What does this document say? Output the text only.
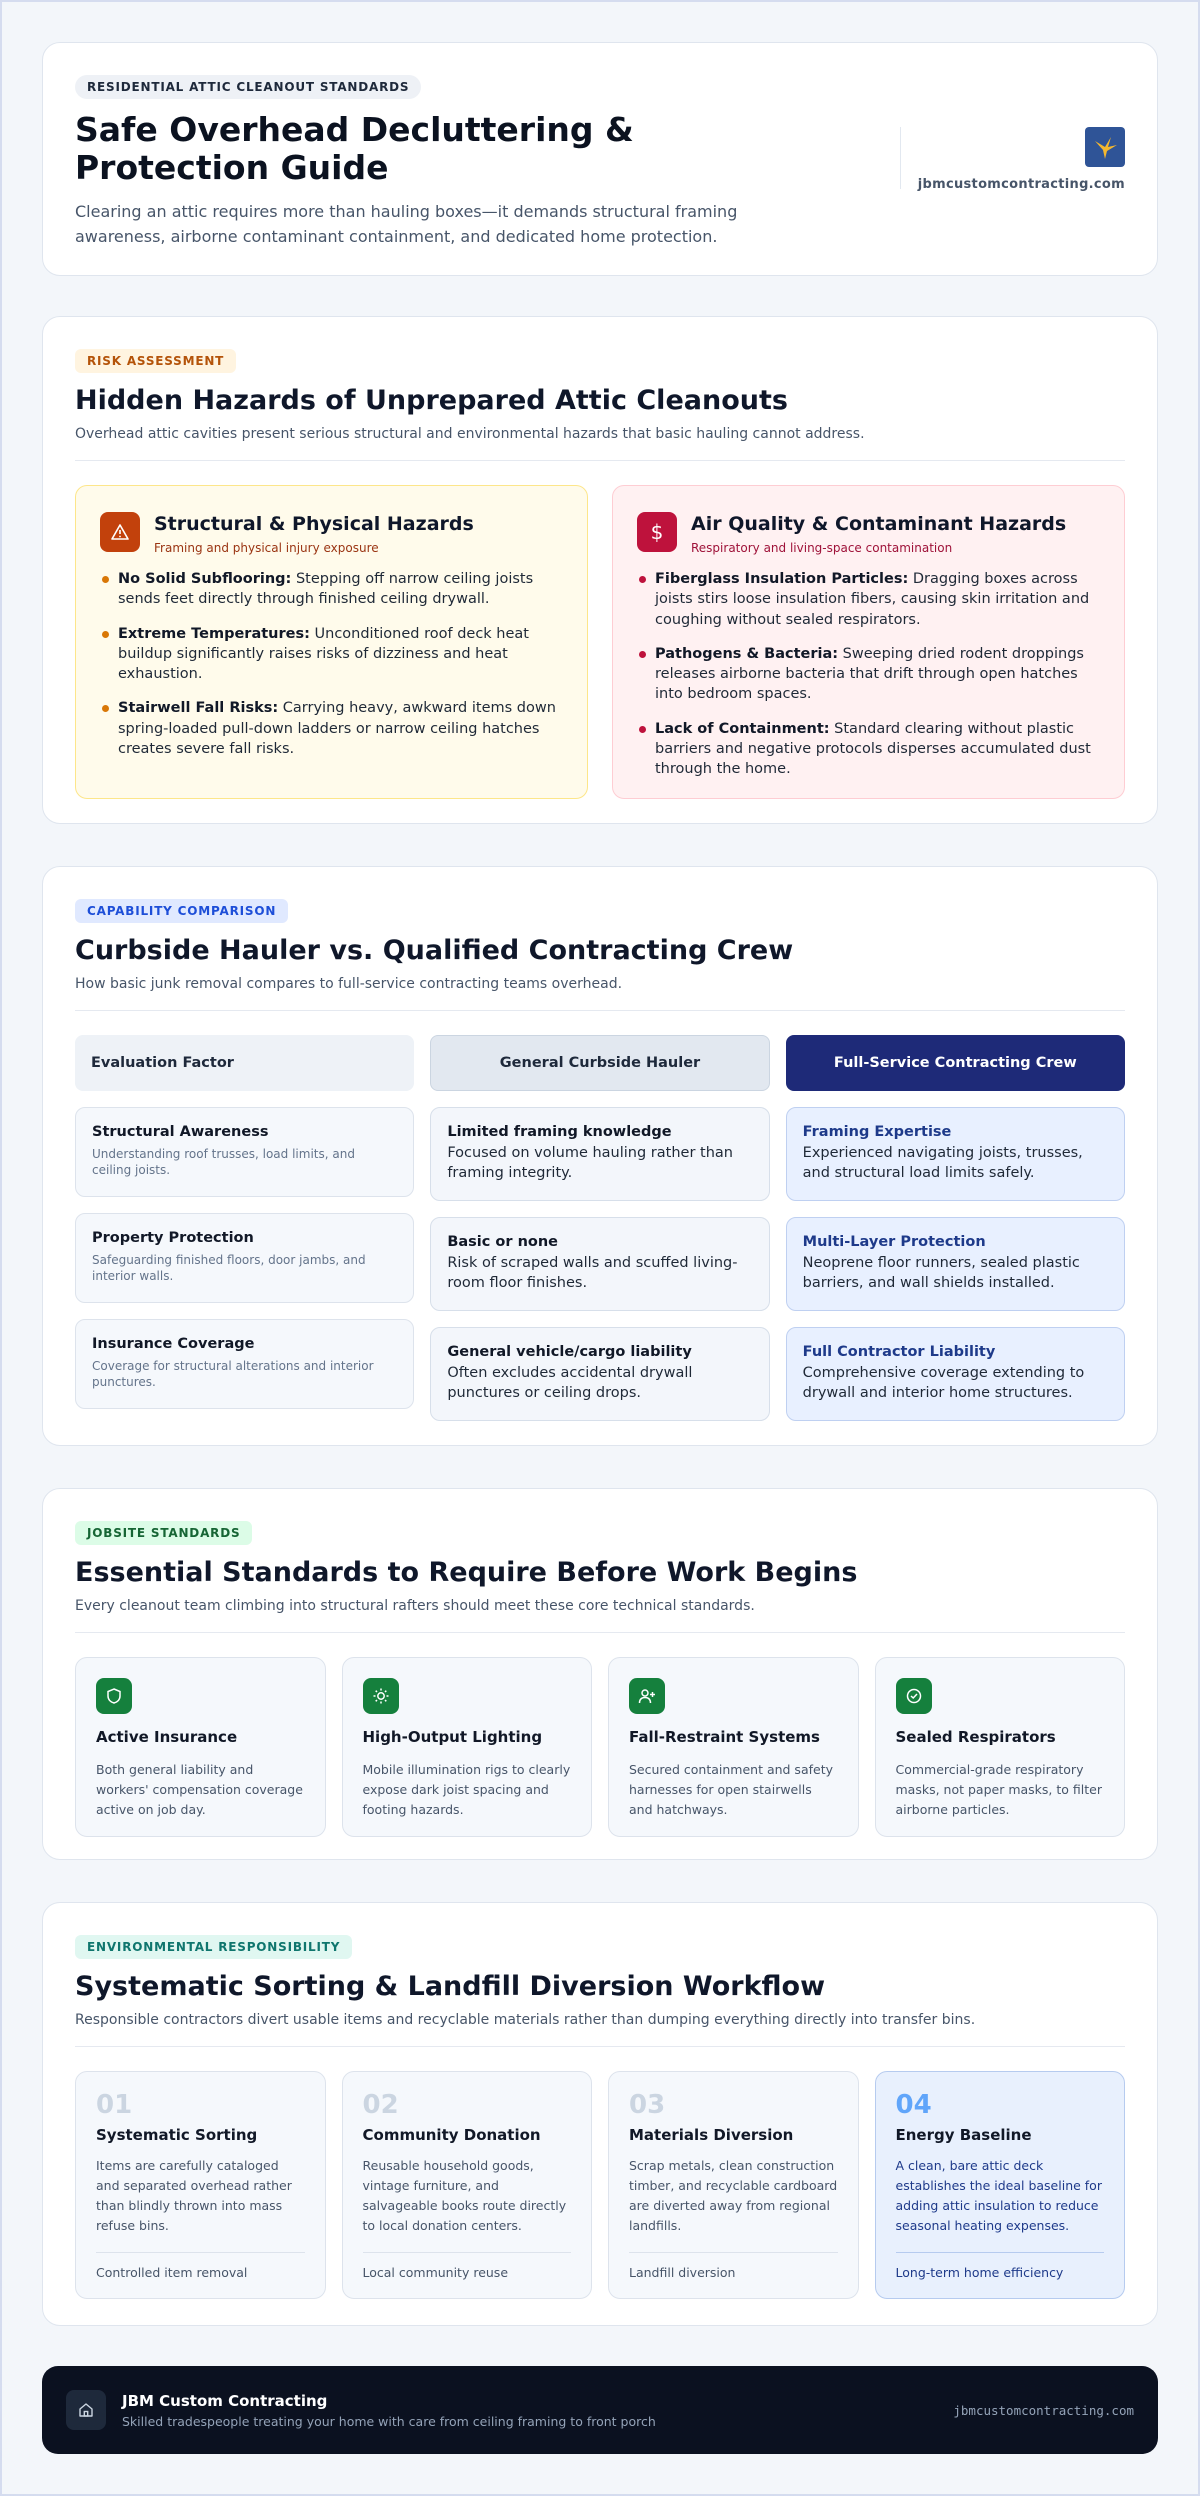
RESIDENTIAL ATTIC CLEANOUT STANDARDS
Safe Overhead Decluttering & Protection Guide

Clearing an attic requires more than hauling boxes—it demands structural framing awareness, airborne contaminant containment, and dedicated home protection.

jbmcustomcontracting.com
RISK ASSESSMENT
Hidden Hazards of Unprepared Attic Cleanouts
Overhead attic cavities present serious structural and environmental hazards that basic hauling cannot address.
Structural & Physical Hazards
Framing and physical injury exposure
No Solid Subflooring: Stepping off narrow ceiling joists sends feet directly through finished ceiling drywall.
Extreme Temperatures: Unconditioned roof deck heat buildup significantly raises risks of dizziness and heat exhaustion.
Stairwell Fall Risks: Carrying heavy, awkward items down spring-loaded pull-down ladders or narrow ceiling hatches creates severe fall risks.
$	Air Quality & Contaminant Hazards
Respiratory and living-space contamination
Fiberglass Insulation Particles: Dragging boxes across joists stirs loose insulation fibers, causing skin irritation and coughing without sealed respirators.
Pathogens & Bacteria: Sweeping dried rodent droppings releases airborne bacteria that drift through open hatches into bedroom spaces.
Lack of Containment: Standard clearing without plastic barriers and negative protocols disperses accumulated dust through the home.
CAPABILITY COMPARISON
Curbside Hauler vs. Qualified Contracting Crew
How basic junk removal compares to full-service contracting teams overhead.
Evaluation Factor
Structural Awareness
Understanding roof trusses, load limits, and ceiling joists.
Property Protection
Safeguarding finished floors, door jambs, and interior walls.
Insurance Coverage
Coverage for structural alterations and interior punctures.
General Curbside Hauler
Limited framing knowledge
Focused on volume hauling rather than framing integrity.
Basic or none
Risk of scraped walls and scuffed living-room floor finishes.
General vehicle/cargo liability
Often excludes accidental drywall punctures or ceiling drops.
Full-Service Contracting Crew
Framing Expertise
Experienced navigating joists, trusses, and structural load limits safely.
Multi-Layer Protection
Neoprene floor runners, sealed plastic barriers, and wall shields installed.
Full Contractor Liability
Comprehensive coverage extending to drywall and interior home structures.
JOBSITE STANDARDS
Essential Standards to Require Before Work Begins
Every cleanout team climbing into structural rafters should meet these core technical standards.
Active Insurance
Both general liability and workers' compensation coverage active on job day.
High-Output Lighting
Mobile illumination rigs to clearly expose dark joist spacing and footing hazards.
Fall-Restraint Systems
Secured containment and safety harnesses for open stairwells and hatchways.
Sealed Respirators
Commercial-grade respiratory masks, not paper masks, to filter airborne particles.
ENVIRONMENTAL RESPONSIBILITY
Systematic Sorting & Landfill Diversion Workflow
Responsible contractors divert usable items and recyclable materials rather than dumping everything directly into transfer bins.
01
Systematic Sorting
Items are carefully cataloged and separated overhead rather than blindly thrown into mass refuse bins.
Controlled item removal
02
Community Donation
Reusable household goods, vintage furniture, and salvageable books route directly to local donation centers.
Local community reuse
03
Materials Diversion
Scrap metals, clean construction timber, and recyclable cardboard are diverted away from regional landfills.
Landfill diversion
04
Energy Baseline
A clean, bare attic deck establishes the ideal baseline for adding attic insulation to reduce seasonal heating expenses.
Long-term home efficiency
JBM Custom Contracting
Skilled tradespeople treating your home with care from ceiling framing to front porch
jbmcustomcontracting.com
